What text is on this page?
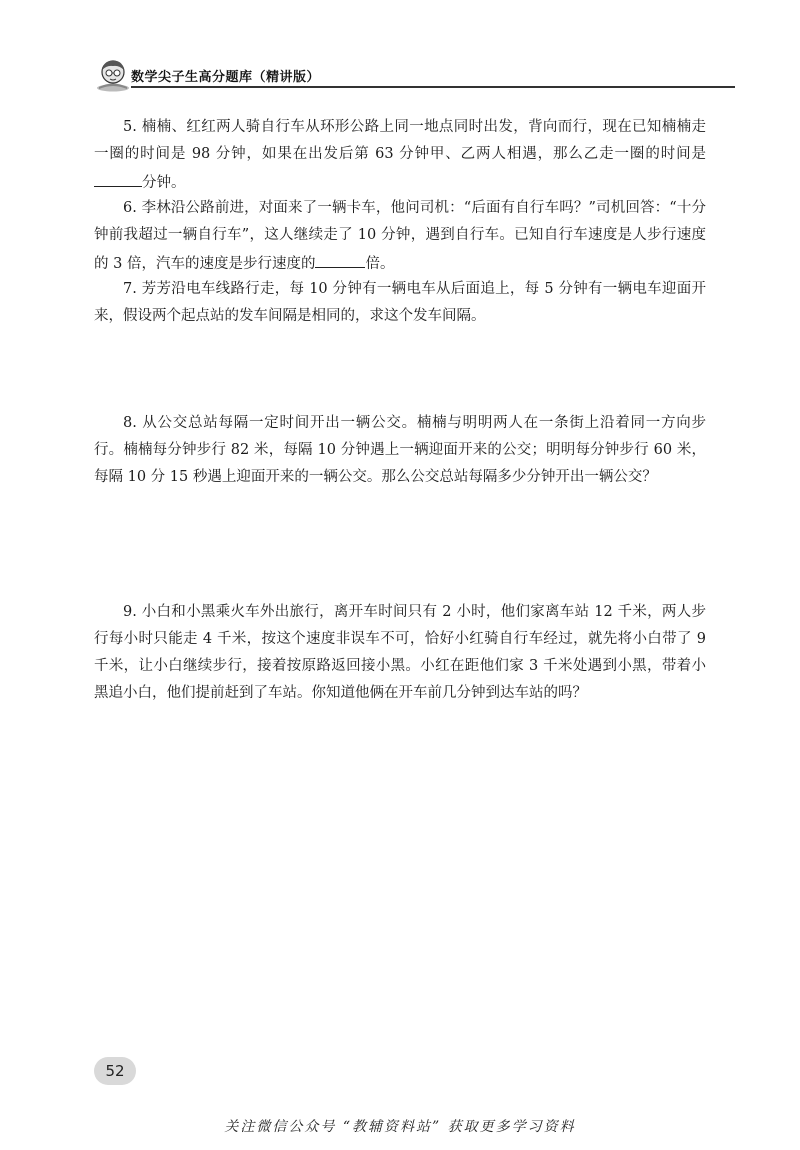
数学尖子生高分题库（精讲版）
5. 楠楠、红红两人骑自行车从环形公路上同一地点同时出发，背向而行，现在已知楠楠走一圈的时间是 98 分钟，如果在出发后第 63 分钟甲、乙两人相遇，那么乙走一圈的时间是分钟。
6. 李林沿公路前进，对面来了一辆卡车，他问司机：“后面有自行车吗？”司机回答：“十分钟前我超过一辆自行车”，这人继续走了 10 分钟，遇到自行车。已知自行车速度是人步行速度的 3 倍，汽车的速度是步行速度的	倍。
7. 芳芳沿电车线路行走，每 10 分钟有一辆电车从后面追上，每 5 分钟有一辆电车迎面开来，假设两个起点站的发车间隔是相同的，求这个发车间隔。
8. 从公交总站每隔一定时间开出一辆公交。楠楠与明明两人在一条街上沿着同一方向步行。楠楠每分钟步行 82 米，每隔 10 分钟遇上一辆迎面开来的公交；明明每分钟步行 60 米，每隔 10 分 15 秒遇上迎面开来的一辆公交。那么公交总站每隔多少分钟开出一辆公交？
9. 小白和小黑乘火车外出旅行，离开车时间只有 2 小时，他们家离车站 12 千米，两人步行每小时只能走 4 千米，按这个速度非误车不可，恰好小红骑自行车经过，就先将小白带了 9 千米，让小白继续步行，接着按原路返回接小黑。小红在距他们家 3 千米处遇到小黑，带着小黑追小白，他们提前赶到了车站。你知道他俩在开车前几分钟到达车站的吗？
52
关注微信公众号 “教辅资料站” 获取更多学习资料
